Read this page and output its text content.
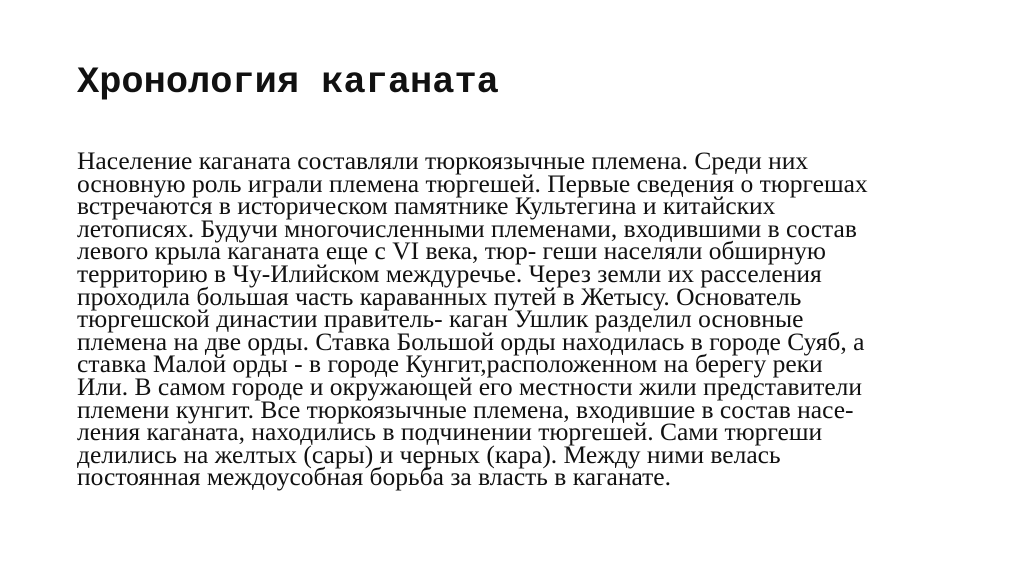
Хронология каганата
Население каганата составляли тюркоязычные племена. Среди них
основную роль играли племена тюргешей. Первые сведения о тюргешах
встречаются в историческом памятнике Культегина и китайских
летописях. Будучи многочисленными племенами, входившими в состав
левого крыла каганата еще с VI века, тюр- геши населяли обширную
территорию в Чу-Илийском междуречье. Через земли их расселения
проходила большая часть караванных путей в Жетысу. Основатель
тюргешской династии правитель- каган Ушлик разделил основные
племена на две орды. Ставка Большой орды находилась в городе Суяб, а
ставка Малой орды - в городе Кунгит,расположенном на берегу реки
Или. В самом городе и окружающей его местности жили представители
племени кунгит. Все тюркоязычные племена, входившие в состав насе-
ления каганата, находились в подчинении тюргешей. Сами тюргеши
делились на желтых (сары) и черных (кара). Между ними велась
постоянная междоусобная борьба за власть в каганате.
